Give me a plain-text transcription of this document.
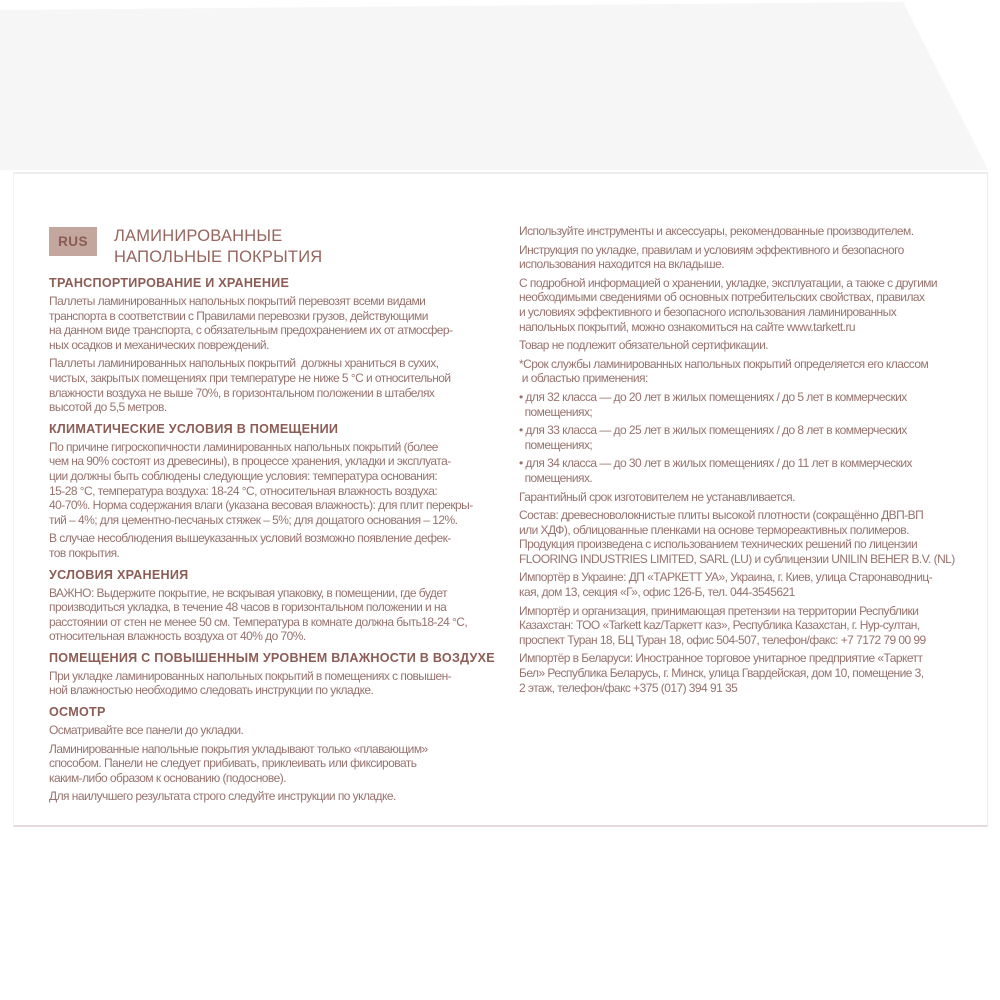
RUS	ЛАМИНИРОВАННЫЕ
НАПОЛЬНЫЕ ПОКРЫТИЯ
ТРАНСПОРТИРОВАНИЕ И ХРАНЕНИЕ
Паллеты ламинированных напольных покрытий перевозят всеми видами
транспорта в соответствии с Правилами перевозки грузов, действующими
на данном виде транспорта, с обязательным предохранением их от атмосфер-
ных осадков и механических повреждений.
Паллеты ламинированных напольных покрытий  должны храниться в сухих,
чистых, закрытых помещениях при температуре не ниже 5 °С и относительной
влажности воздуха не выше 70%, в горизонтальном положении в штабелях
высотой до 5,5 метров.
КЛИМАТИЧЕСКИЕ УСЛОВИЯ В ПОМЕЩЕНИИ
По причине гигроскопичности ламинированных напольных покрытий (более
чем на 90% состоят из древесины), в процессе хранения, укладки и эксплуата-
ции должны быть соблюдены следующие условия: температура основания:
15-28 °С, температура воздуха: 18-24 °С, относительная влажность воздуха:
40-70%. Норма содержания влаги (указана весовая влажность): для плит перекры-
тий – 4%; для цементно-песчаных стяжек – 5%; для дощатого основания – 12%.
В случае несоблюдения вышеуказанных условий возможно появление дефек-
тов покрытия.
УСЛОВИЯ ХРАНЕНИЯ
ВАЖНО: Выдержите покрытие, не вскрывая упаковку, в помещении, где будет
производиться укладка, в течение 48 часов в горизонтальном положении и на
расстоянии от стен не менее 50 см. Температура в комнате должна быть18-24 °С,
относительная влажность воздуха от 40% до 70%.
ПОМЕЩЕНИЯ С ПОВЫШЕННЫМ УРОВНЕМ ВЛАЖНОСТИ В ВОЗДУХЕ
При укладке ламинированных напольных покрытий в помещениях с повышен-
ной влажностью необходимо следовать инструкции по укладке.
ОСМОТР
Осматривайте все панели до укладки.
Ламинированные напольные покрытия укладывают только «плавающим»
способом. Панели не следует прибивать, приклеивать или фиксировать
каким-либо образом к основанию (подоснове).
Для наилучшего результата строго следуйте инструкции по укладке.
Используйте инструменты и аксессуары, рекомендованные производителем.
Инструкция по укладке, правилам и условиям эффективного и безопасного
использования находится на вкладыше.
С подробной информацией о хранении, укладке, эксплуатации, а также с другими
необходимыми сведениями об основных потребительских свойствах, правилах
и условиях эффективного и безопасного использования ламинированных
напольных покрытий, можно ознакомиться на сайте www.tarkett.ru
Товар не подлежит обязательной сертификации.
*Срок службы ламинированных напольных покрытий определяется его классом
и областью применения:
• для 32 класса — до 20 лет в жилых помещениях / до 5 лет в коммерческих
помещениях;
• для 33 класса — до 25 лет в жилых помещениях / до 8 лет в коммерческих
помещениях;
• для 34 класса — до 30 лет в жилых помещениях / до 11 лет в коммерческих
помещениях.
Гарантийный срок изготовителем не устанавливается.
Состав: древесноволокнистые плиты высокой плотности (сокращённо ДВП-ВП
или ХДФ), облицованные пленками на основе термореактивных полимеров.
Продукция произведена с использованием технических решений по лицензии
FLOORING INDUSTRIES LIMITED, SARL (LU) и сублицензии UNILIN BEHER B.V. (NL)
Импортёр в Украине: ДП «ТАРКЕТТ УА», Украина, г. Киев, улица Старонаводниц-
кая, дом 13, секция «Г», офис 126-Б, тел. 044-3545621
Импортёр и организация, принимающая претензии на территории Республики
Казахстан: ТОО «Tarkett kaz/Таркетт каз», Республика Казахстан, г. Нур-султан,
проспект Туран 18, БЦ Туран 18, офис 504-507, телефон/факс: +7 7172 79 00 99
Импортёр в Беларуси: Иностранное торговое унитарное предприятие «Таркетт
Бел» Республика Беларусь, г. Минск, улица Гвардейская, дом 10, помещение 3,
2 этаж, телефон/факс +375 (017) 394 91 35
